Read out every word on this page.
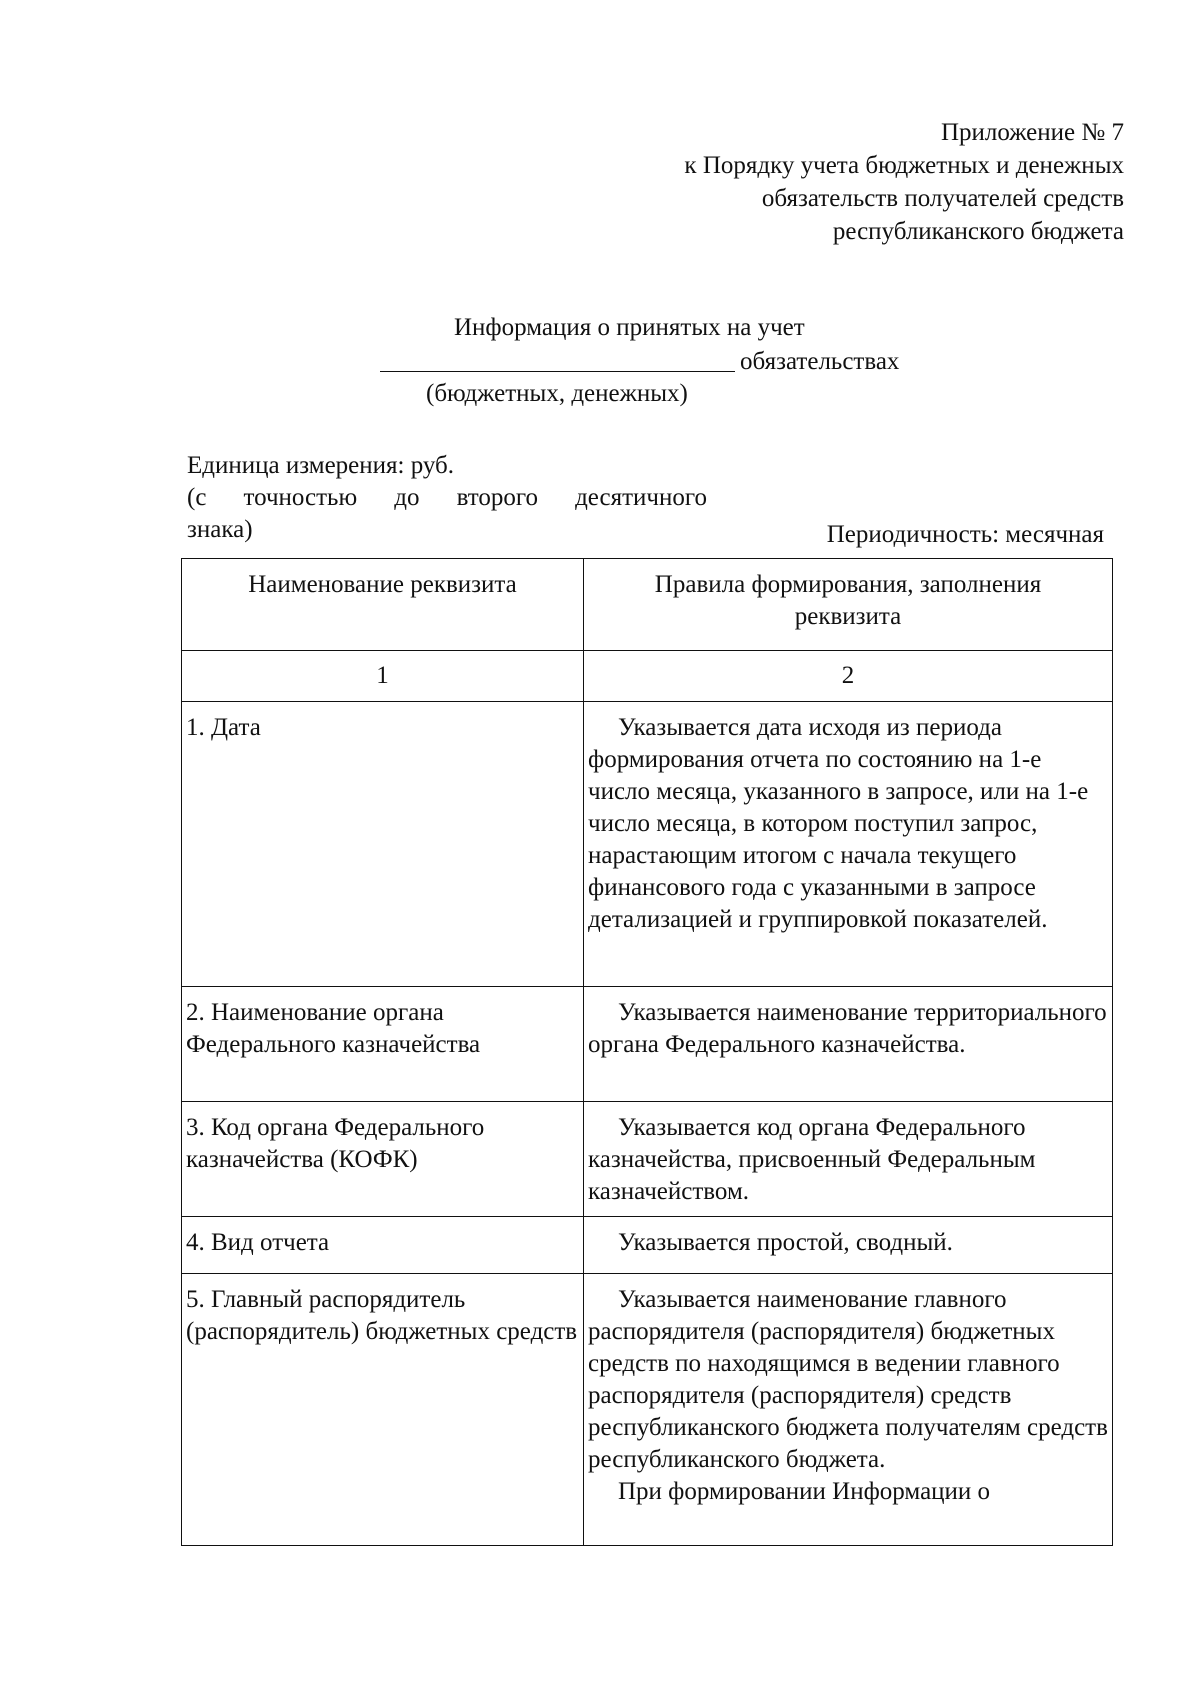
Приложение № 7
к Порядку учета бюджетных и денежных
обязательств получателей средств
республиканского бюджета
Информация о принятых на учет
обязательствах
(бюджетных, денежных)
Единица измерения: руб.
(с точностью до второго десятичного
знака)	Периодичность: месячная
Наименование реквизита	Правила формирования, заполнения реквизита
1	2
1. Дата	Указывается дата исходя из периода формирования отчета по состоянию на 1-е число месяца, указанного в запросе, или на 1-е число месяца, в котором поступил запрос, нарастающим итогом с начала текущего финансового года с указанными в запросе детализацией и группировкой показателей.

2. Наименование органа Федерального казначейства	Указывается наименование территориального органа Федерального казначейства.

3. Код органа Федерального казначейства (КОФК)	Указывается код органа Федерального казначейства, присвоенный Федеральным казначейством.

4. Вид отчета	Указывается простой, сводный.

5. Главный распорядитель (распорядитель) бюджетных средств	Указывается наименование главного распорядителя (распорядителя) бюджетных средств по находящимся в ведении главного распорядителя (распорядителя) средств республиканского бюджета получателям средств республиканского бюджета.

При формировании Информации о
